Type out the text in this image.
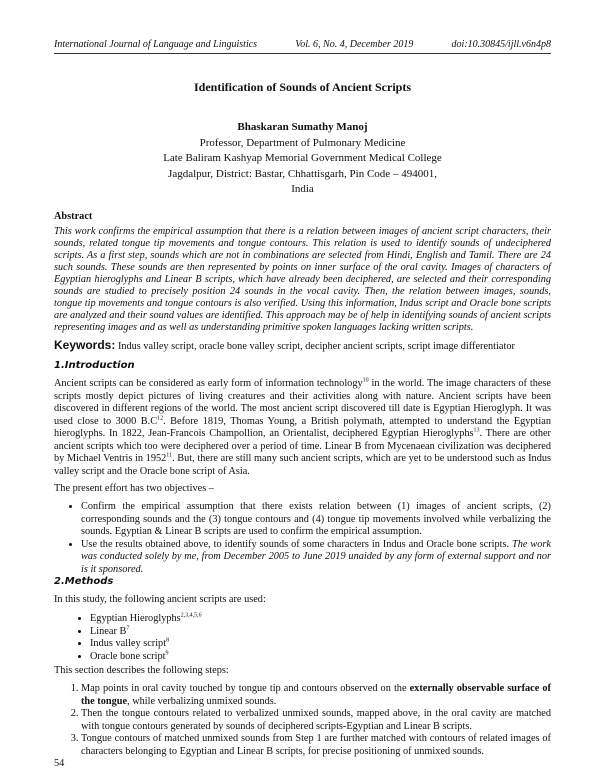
International Journal of Language and Linguistics	Vol. 6, No. 4, December 2019	doi:10.30845/ijll.v6n4p8
Identification of Sounds of Ancient Scripts
Bhaskaran Sumathy Manoj
Professor, Department of Pulmonary Medicine
Late Baliram Kashyap Memorial Government Medical College
Jagdalpur, District: Bastar, Chhattisgarh, Pin Code – 494001,
India
Abstract
This work confirms the empirical assumption that there is a relation between images of ancient script characters, their sounds, related tongue tip movements and tongue contours. This relation is used to identify sounds of undeciphered scripts. As a first step, sounds which are not in combinations are selected from Hindi, English and Tamil. There are 24 such sounds. These sounds are then represented by points on inner surface of the oral cavity. Images of characters of Egyptian hieroglyphs and Linear B scripts, which have already been deciphered, are selected and their corresponding sounds are studied to precisely position 24 sounds in the vocal cavity. Then, the relation between images, sounds, tongue tip movements and tongue contours is also verified. Using this information, Indus script and Oracle bone scripts are analyzed and their sound values are identified. This approach may be of help in identifying sounds of ancient scripts representing images and as well as understanding primitive spoken languages lacking written scripts.
Keywords: Indus valley script, oracle bone valley script, decipher ancient scripts, script image differentiator
1.Introduction
Ancient scripts can be considered as early form of information technology$^{10}$ in the world. The image characters of these scripts mostly depict pictures of living creatures and their activities along with nature. Ancient scripts have been discovered in different regions of the world. The most ancient script discovered till date is Egyptian Hieroglyph. It was used close to 3000 $B.C^{12}$. Before 1819, Thomas Young, a British polymath, attempted to understand the Egyptian hieroglyphs. In 1822, Jean-Francois Champollion, an Orientalist, deciphered Egyptian Hieroglyphs$^{13}$. There are other ancient scripts which too were deciphered over a period of time. Linear B from Mycenaean civilization was deciphered by Michael Ventris in 1952$^{11}$. But, there are still many such ancient scripts, which are yet to be understood such as Indus valley script and the Oracle bone script of Asia.
The present effort has two objectives –
• Confirm the empirical assumption that there exists relation between (1) images of ancient scripts, (2) corresponding sounds and the (3) tongue contours and (4) tongue tip movements involved while verbalizing the sounds. Egyptian & Linear B scripts are used to confirm the empirical assumption.
• Use the results obtained above, to identify sounds of some characters in Indus and Oracle bone scripts. The work was conducted solely by me, from December 2005 to June 2019 unaided by any form of external support and nor is it sponsored.
2.Methods
In this study, the following ancient scripts are used:
• Egyptian Hieroglyphs$^{2,3,4,5,6}$
• Linear $B^7$
• Indus valley script$^8$
• Oracle bone script$^9$
This section describes the following steps:
1. Map points in oral cavity touched by tongue tip and contours observed on the externally observable surface of the tongue, while verbalizing unmixed sounds.
2. Then the tongue contours related to verbalized unmixed sounds, mapped above, in the oral cavity are matched with tongue contours generated by sounds of deciphered scripts-Egyptian and Linear B scripts.
3. Tongue contours of matched unmixed sounds from Step 1 are further matched with contours of related images of characters belonging to Egyptian and Linear B scripts, for precise positioning of unmixed sounds.
54
